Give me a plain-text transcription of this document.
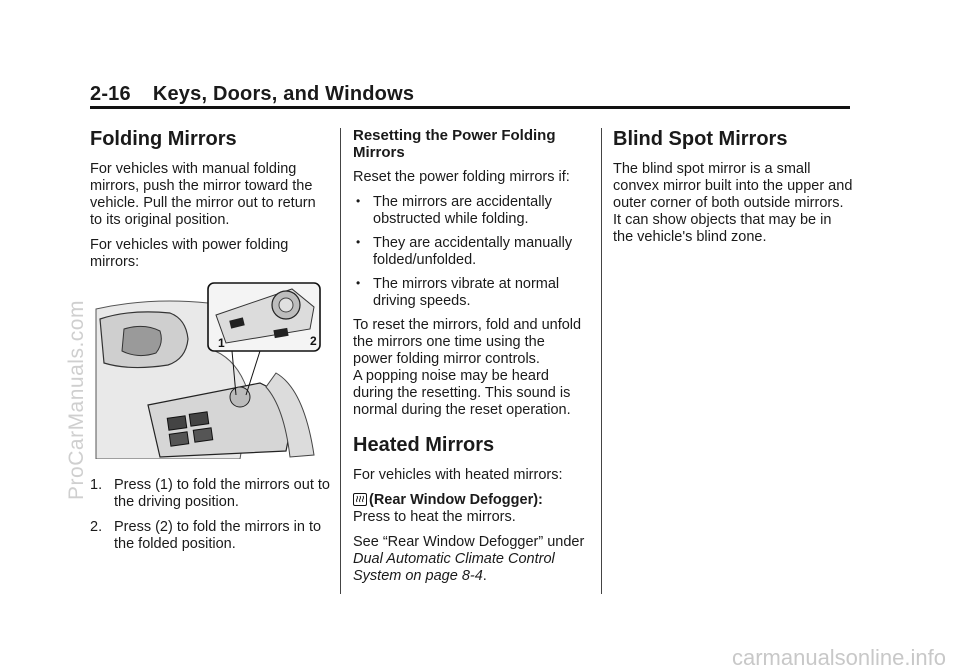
2-16 Keys, Doors, and Windows
Folding Mirrors

For vehicles with manual folding mirrors, push the mirror toward the vehicle. Pull the mirror out to return to its original position.

For vehicles with power folding mirrors:

1	2
1. Press (1) to fold the mirrors out to the driving position.
2. Press (2) to fold the mirrors in to the folded position.
Resetting the Power Folding Mirrors

Reset the power folding mirrors if:

• The mirrors are accidentally obstructed while folding.
• They are accidentally manually folded/unfolded.
• The mirrors vibrate at normal driving speeds.

To reset the mirrors, fold and unfold the mirrors one time using the power folding mirror controls.

A popping noise may be heard during the resetting. This sound is normal during the reset operation.

Heated Mirrors

For vehicles with heated mirrors:

(Rear Window Defogger):
Press to heat the mirrors.

See “Rear Window Defogger” under Dual Automatic Climate Control System on page 8-4.

Blind Spot Mirrors

The blind spot mirror is a small convex mirror built into the upper and outer corner of both outside mirrors. It can show objects that may be in the vehicle's blind zone.

ProCarManuals.com
carmanualsonline.info
